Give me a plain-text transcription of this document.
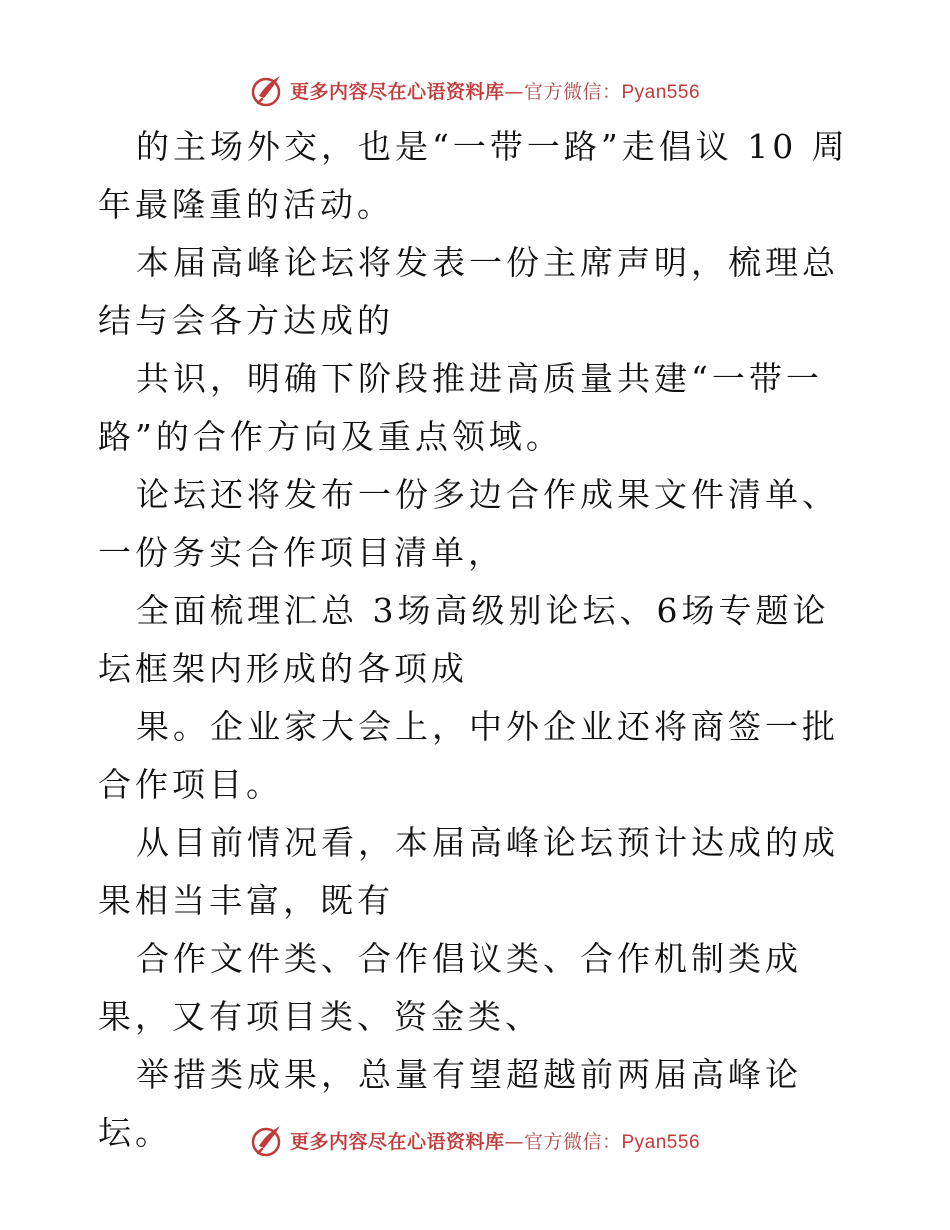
更多内容尽在心语资料库—官方微信：Pyan556

的主场外交，也是“一带一路”走倡议 10 周年最隆重的活动。

本届高峰论坛将发表一份主席声明，梳理总结与会各方达成的

共识，明确下阶段推进高质量共建“一带一路”的合作方向及重点领域。

论坛还将发布一份多边合作成果文件清单、一份务实合作项目清单，

全面梳理汇总 3场高级别论坛、6场专题论坛框架内形成的各项成

果。企业家大会上，中外企业还将商签一批合作项目。

从目前情况看，本届高峰论坛预计达成的成果相当丰富，既有

合作文件类、合作倡议类、合作机制类成果，又有项目类、资金类、

举措类成果，总量有望超越前两届高峰论坛。	更多内容尽在心语资料库—官方微信：Pyan556
